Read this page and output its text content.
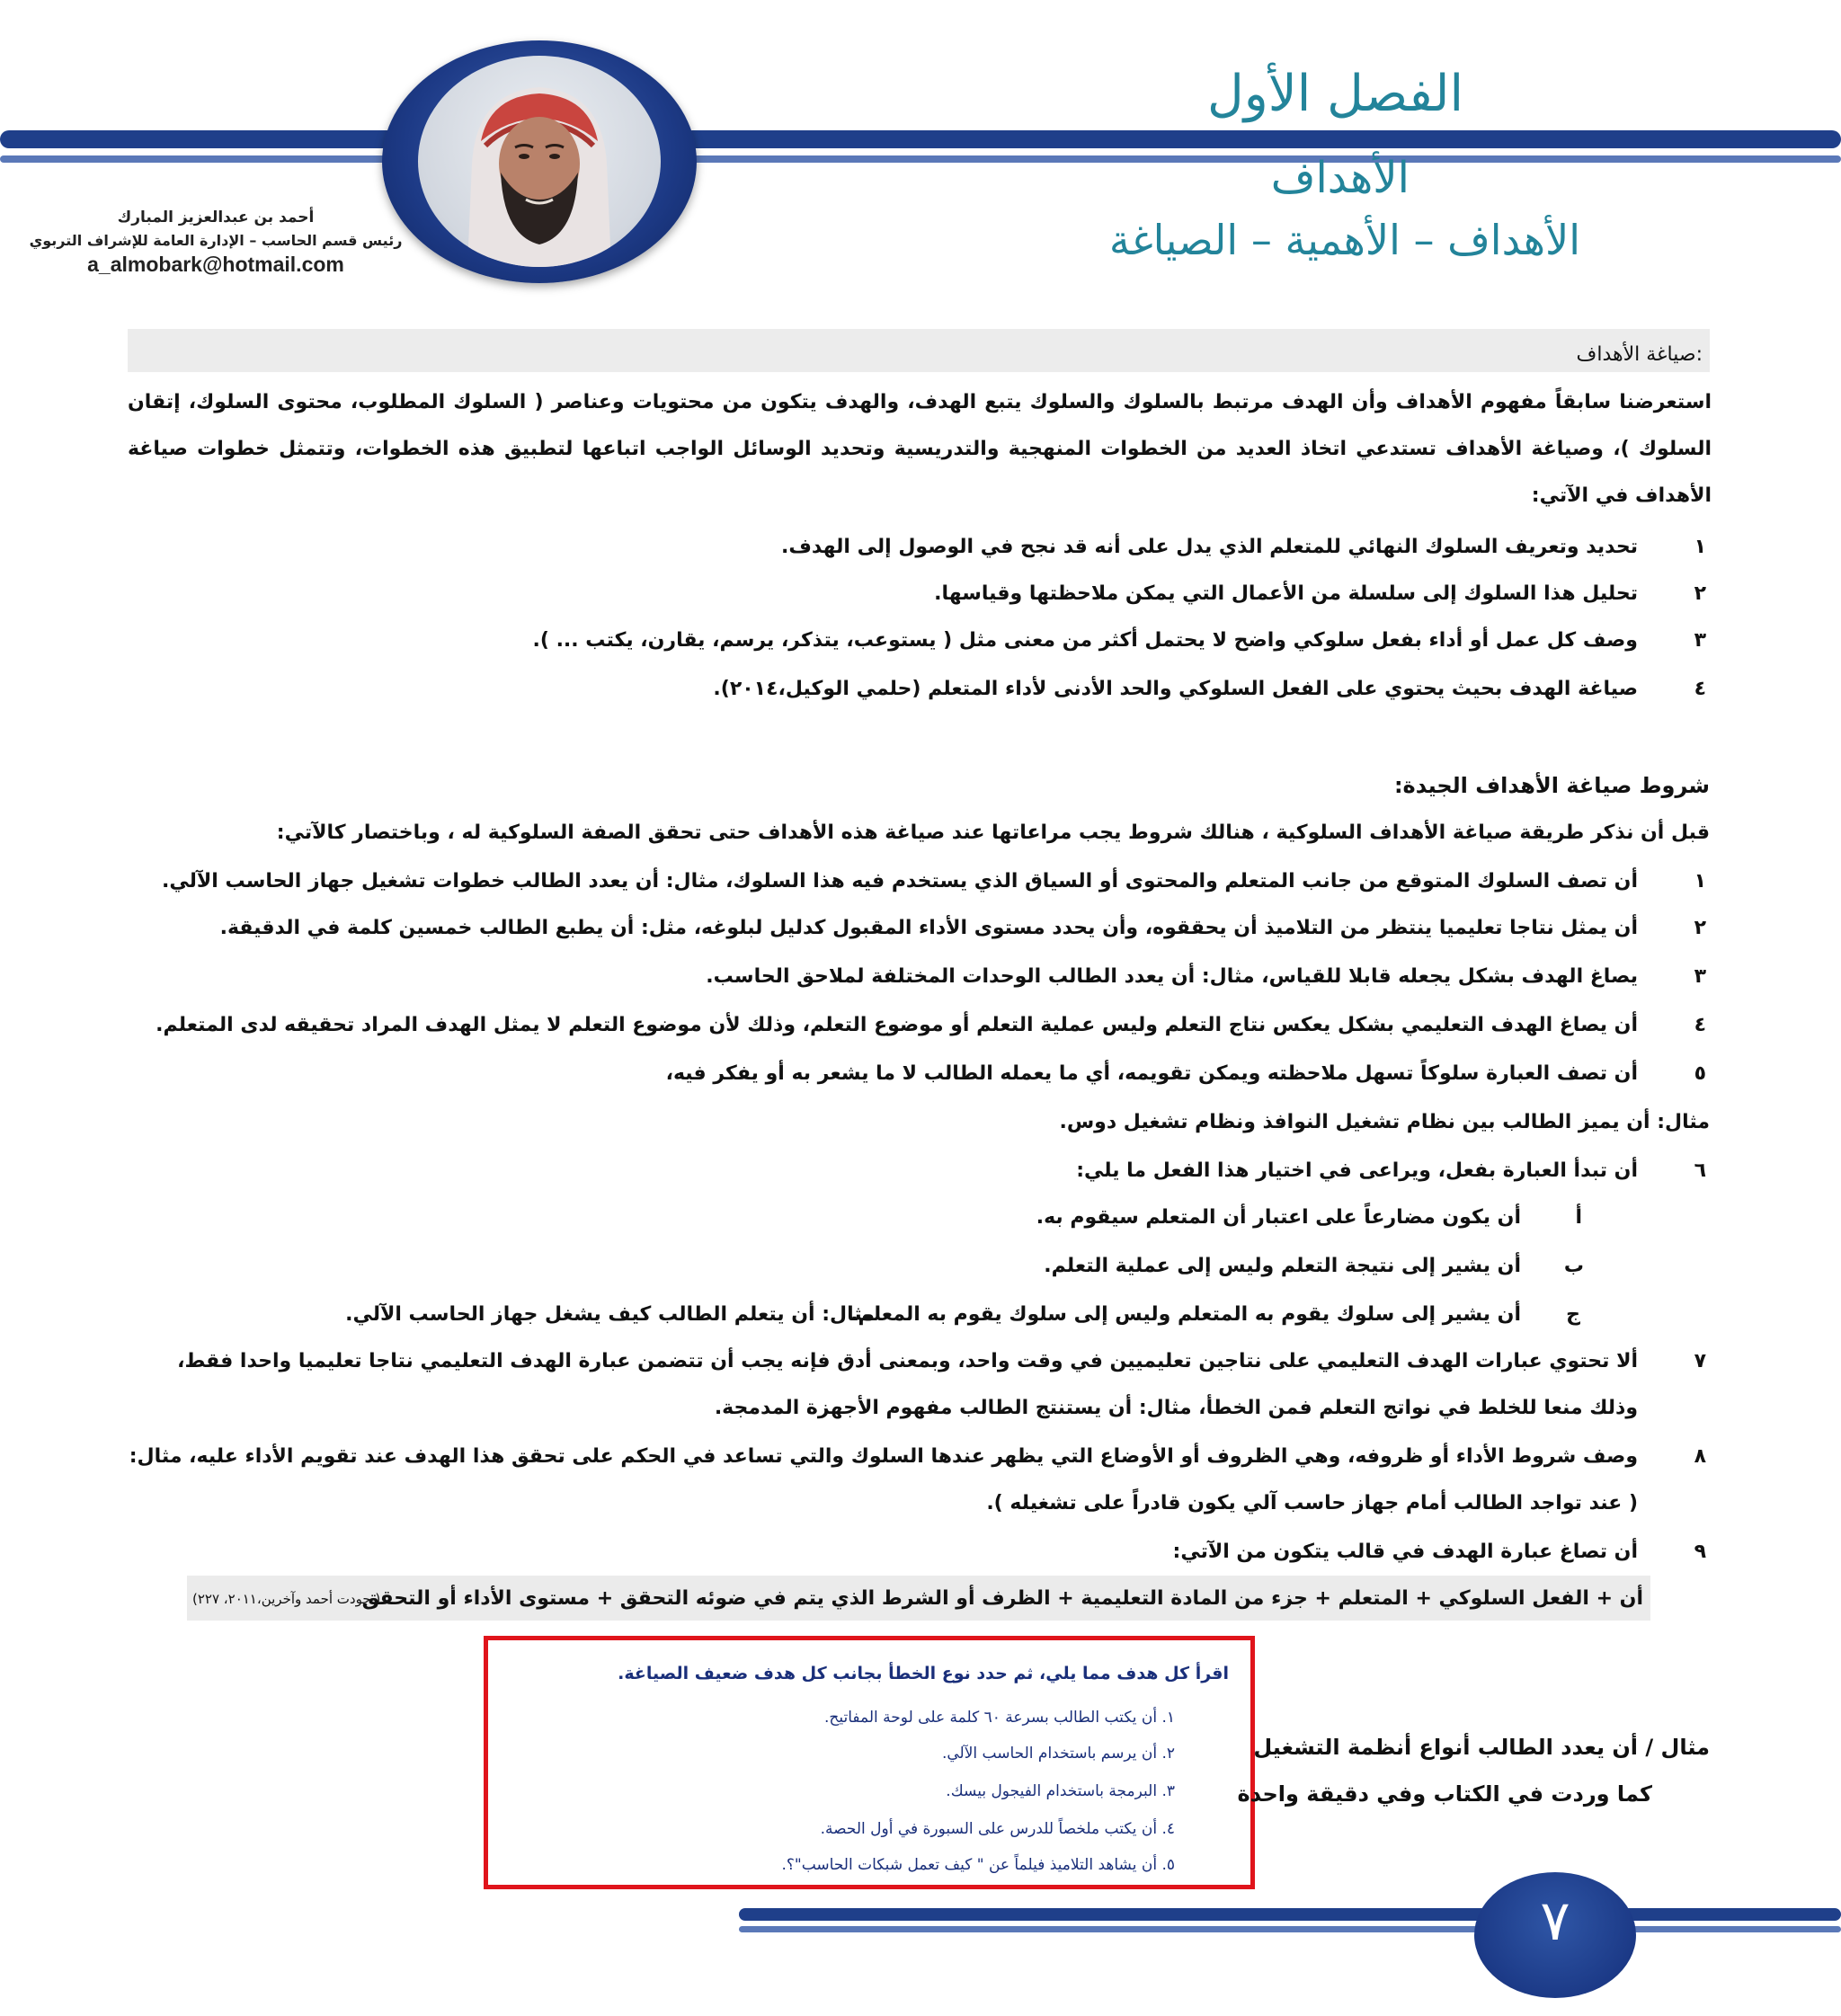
أحمد بن عبدالعزيز المبارك
رئيس قسم الحاسب – الإدارة العامة للإشراف التربوي
a_almobark@hotmail.com
الفصل الأول
الأهداف
الأهداف – الأهمية – الصياغة
صياغة الأهداف:
استعرضنا سابقاً مفهوم الأهداف وأن الهدف مرتبط بالسلوك والسلوك يتبع الهدف، والهدف يتكون من محتويات وعناصر ( السلوك المطلوب، محتوى السلوك، إتقان السلوك )، وصياغة الأهداف تستدعي اتخاذ العديد من الخطوات المنهجية والتدريسية وتحديد الوسائل الواجب اتباعها لتطبيق هذه الخطوات، وتتمثل خطوات صياغة الأهداف في الآتي:
١
تحديد وتعريف السلوك النهائي للمتعلم الذي يدل على أنه قد نجح في الوصول إلى الهدف.
٢
تحليل هذا السلوك إلى سلسلة من الأعمال التي يمكن ملاحظتها وقياسها.
٣
وصف كل عمل أو أداء بفعل سلوكي واضح لا يحتمل أكثر من معنى مثل ( يستوعب، يتذكر، يرسم، يقارن، يكتب ... ).
٤
صياغة الهدف بحيث يحتوي على الفعل السلوكي والحد الأدنى لأداء المتعلم (حلمي الوكيل،٢٠١٤).
شروط صياغة الأهداف الجيدة:
قبل أن نذكر طريقة صياغة الأهداف السلوكية ، هنالك شروط يجب مراعاتها عند صياغة هذه الأهداف حتى تحقق الصفة السلوكية له ، وباختصار كالآتي:
١
أن تصف السلوك المتوقع من جانب المتعلم والمحتوى أو السياق الذي يستخدم فيه هذا السلوك، مثال: أن يعدد الطالب خطوات تشغيل جهاز الحاسب الآلي.
٢
أن يمثل نتاجا تعليميا ينتظر من التلاميذ أن يحققوه، وأن يحدد مستوى الأداء المقبول كدليل لبلوغه، مثل: أن يطبع الطالب خمسين كلمة في الدقيقة.
٣
يصاغ الهدف بشكل يجعله قابلا للقياس، مثال: أن يعدد الطالب الوحدات المختلفة لملاحق الحاسب.
٤
أن يصاغ الهدف التعليمي بشكل يعكس نتاج التعلم وليس عملية التعلم أو موضوع التعلم، وذلك لأن موضوع التعلم لا يمثل الهدف المراد تحقيقه لدى المتعلم.
٥
أن تصف العبارة سلوكاً تسهل ملاحظته ويمكن تقويمه، أي ما يعمله الطالب لا ما يشعر به أو يفكر فيه،
مثال: أن يميز الطالب بين نظام تشغيل النوافذ ونظام تشغيل دوس.
٦
أن تبدأ العبارة بفعل، ويراعى في اختيار هذا الفعل ما يلي:
أ
أن يكون مضارعاً على اعتبار أن المتعلم سيقوم به.
ب
أن يشير إلى نتيجة التعلم وليس إلى عملية التعلم.
ج
أن يشير إلى سلوك يقوم به المتعلم وليس إلى سلوك يقوم به المعلم.
مثال: أن يتعلم الطالب كيف يشغل جهاز الحاسب الآلي.
٧
ألا تحتوي عبارات الهدف التعليمي على نتاجين تعليميين في وقت واحد، وبمعنى أدق فإنه يجب أن تتضمن عبارة الهدف التعليمي نتاجا تعليميا واحدا فقط،
وذلك منعا للخلط في نواتج التعلم فمن الخطأ، مثال: أن يستنتج الطالب مفهوم الأجهزة المدمجة.
٨
وصف شروط الأداء أو ظروفه، وهي الظروف أو الأوضاع التي يظهر عندها السلوك والتي تساعد في الحكم على تحقق هذا الهدف عند تقويم الأداء عليه، مثال:
( عند تواجد الطالب أمام جهاز حاسب آلي يكون قادراً على تشغيله ).
٩
أن تصاغ عبارة الهدف في قالب يتكون من الآتي:
أن + الفعل السلوكي + المتعلم + جزء من المادة التعليمية + الظرف أو الشرط الذي يتم في ضوئه التحقق + مستوى الأداء أو التحقق
( جودت أحمد وآخرين،٢٠١١، ٢٢٧)
اقرأ كل هدف مما يلي، ثم حدد نوع الخطأ بجانب كل هدف ضعيف الصياغة.
١. أن يكتب الطالب بسرعة ٦٠ كلمة على لوحة المفاتيح.
٢. أن يرسم باستخدام الحاسب الآلي.
٣. البرمجة باستخدام الفيجول بيسك.
٤. أن يكتب ملخصاً للدرس على السبورة في أول الحصة.
٥. أن يشاهد التلاميذ فيلماً عن " كيف تعمل شبكات الحاسب"؟.
مثال / أن يعدد الطالب أنواع أنظمة التشغيل
كما وردت في الكتاب وفي دقيقة واحدة
٧
